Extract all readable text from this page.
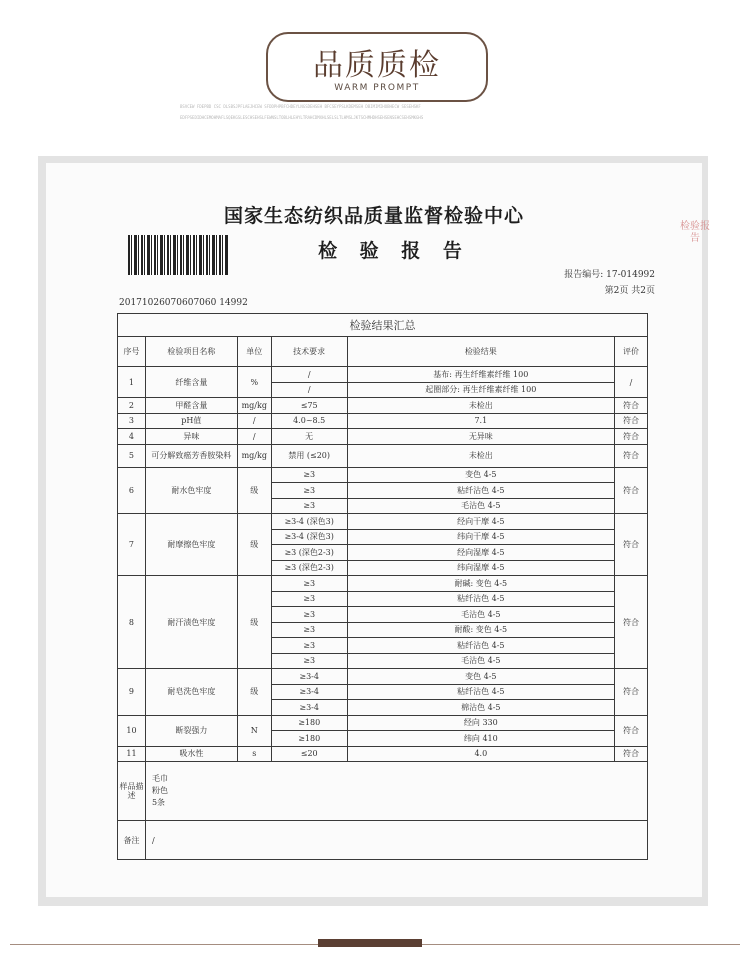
品质质检
WARM PROMPT
BSVCEW FDEPBD CSC DLSBSJPFLAEJHCEW SFDDPHPBFCHDEYLNGSDEHSEH BFCSEYPSLKDEMSEH DBIMIMIHOBHECW SESEHSKF
EDFPSEDIDHCEMOHMAFLSQEKGSLESCHSEHSLFEWNSLTOBLHLEHYLTRAHCDMXHLSELSLTLHMSLJKTSCHMHDHSEHSENSEHCSEHSMKGHS
国家生态纺织品质量监督检验中心
检 验 报 告
报告编号: 17-014992
第2页 共2页
20171026070607060 14992
检验报告
检验结果汇总					
序号	检验项目名称	单位	技术要求	检验结果	评价
1	纤维含量	%	/	基布: 再生纤维素纤维 100	/
			/	起圈部分: 再生纤维素纤维 100	
2	甲醛含量	mg/kg	≤75	未检出	符合
3	pH值	/	4.0~8.5	7.1	符合
4	异味	/	无	无异味	符合
5	可分解致癌芳香胺染料	mg/kg	禁用 (≤20)	未检出	符合
6	耐水色牢度	级	≥3	变色 4-5	符合
			≥3	粘纤沾色 4-5	
			≥3	毛沾色 4-5	
7	耐摩擦色牢度	级	≥3-4 (深色3)	经向干摩 4-5	符合
			≥3-4 (深色3)	纬向干摩 4-5	
			≥3 (深色2-3)	经向湿摩 4-5	
			≥3 (深色2-3)	纬向湿摩 4-5	
8	耐汗渍色牢度	级	≥3	耐碱: 变色 4-5	符合
			≥3	粘纤沾色 4-5	
			≥3	毛沾色 4-5	
			≥3	耐酸: 变色 4-5	
			≥3	粘纤沾色 4-5	
			≥3	毛沾色 4-5	
9	耐皂洗色牢度	级	≥3-4	变色 4-5	符合
			≥3-4	粘纤沾色 4-5	
			≥3-4	棉沾色 4-5	
10	断裂强力	N	≥180	经向 330	符合
			≥180	纬向 410	
11	吸水性	s	≤20	4.0	符合
样品描述	毛巾
粉色
5条				

备注	/				
